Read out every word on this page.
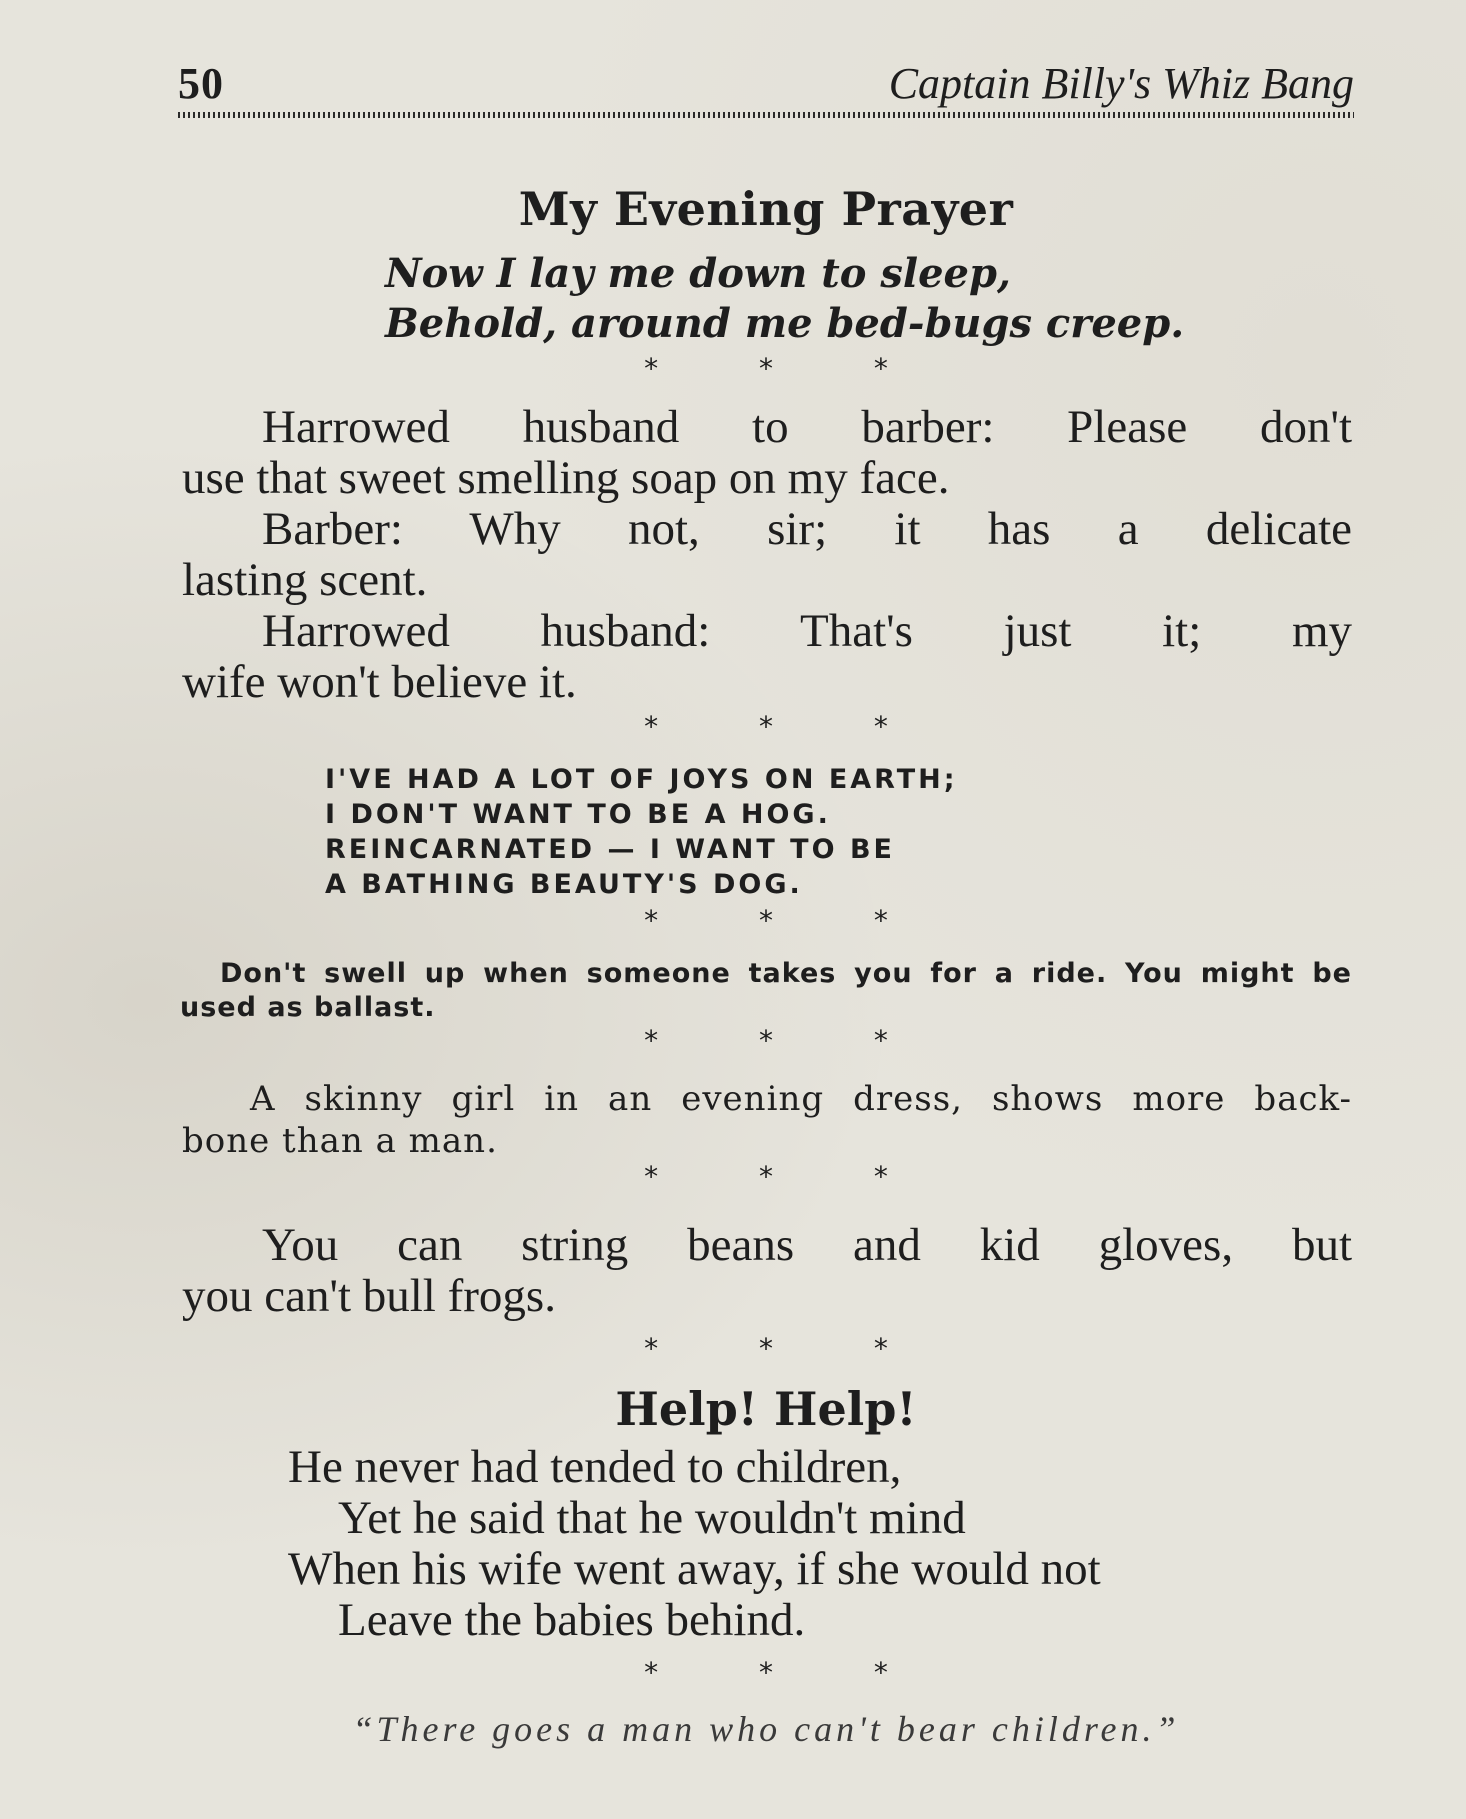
50	Captain Billy's Whiz Bang
My Evening Prayer
Now I lay me down to sleep,
Behold, around me bed-bugs creep.
* * *
Harrowed husband to barber: Please don't
use that sweet smelling soap on my face.
Barber: Why not, sir; it has a delicate
lasting scent.
Harrowed husband: That's just it; my
wife won't believe it.
* * *
I'VE HAD A LOT OF JOYS ON EARTH;
I DON'T WANT TO BE A HOG.
REINCARNATED — I WANT TO BE
A BATHING BEAUTY'S DOG.
* * *
Don't swell up when someone takes you for a ride. You might be
used as ballast.
* * *
A skinny girl in an evening dress, shows more back-
bone than a man.
* * *
You can string beans and kid gloves, but
you can't bull frogs.
* * *
Help! Help!
He never had tended to children,
Yet he said that he wouldn't mind
When his wife went away, if she would not
Leave the babies behind.
* * *
“There goes a man who can't bear children.”
